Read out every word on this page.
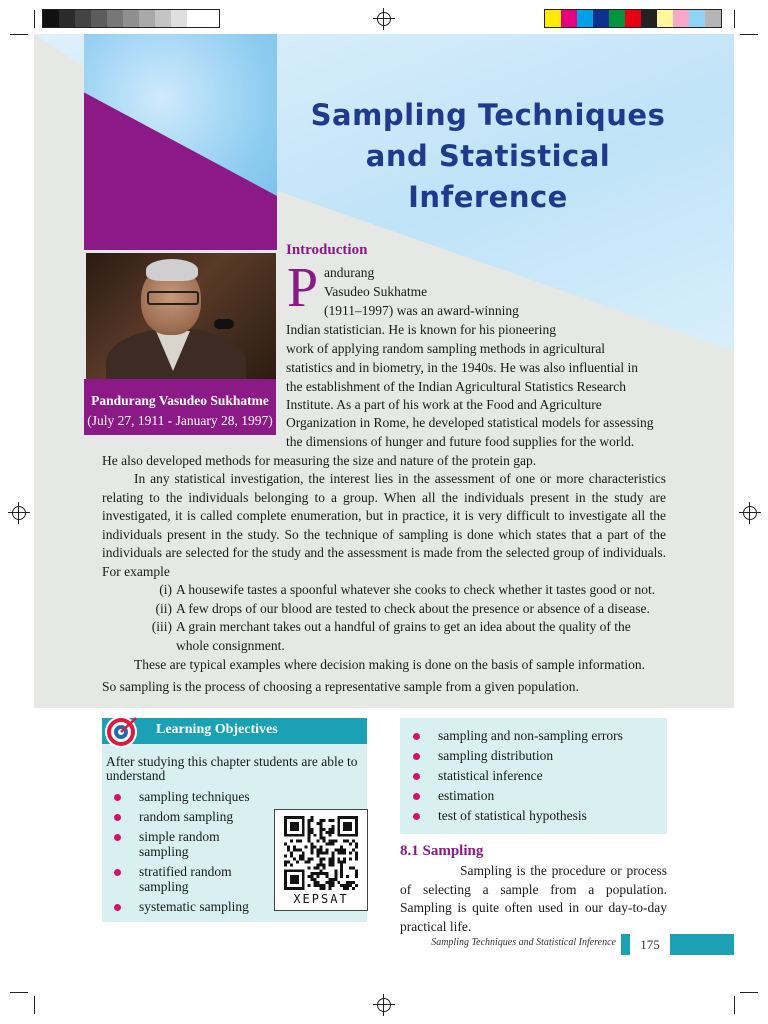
Sampling Techniques and Statistical Inference
Pandurang Vasudeo Sukhatme
(July 27, 1911 - January 28, 1997)
Introduction
P andurang
Vasudeo Sukhatme
(1911–1997) was an award-winning
Indian statistician. He is known for his pioneering
work of applying random sampling methods in agricultural
statistics and in biometry, in the 1940s. He was also influential in
the establishment of the Indian Agricultural Statistics Research
Institute. As a part of his work at the Food and Agriculture
Organization in Rome, he developed statistical models for assessing
the dimensions of hunger and future food supplies for the world.
He also developed methods for measuring the size and nature of the protein gap.
In any statistical investigation, the interest lies in the assessment of one or more characteristics relating to the individuals belonging to a group. When all the individuals present in the study are investigated, it is called complete enumeration, but in practice, it is very difficult to investigate all the individuals present in the study. So the technique of sampling is done which states that a part of the individuals are selected for the study and the assessment is made from the selected group of individuals. For example
(i) A housewife tastes a spoonful whatever she cooks to check whether it tastes good or not.
(ii) A few drops of our blood are tested to check about the presence or absence of a disease.
(iii) A grain merchant takes out a handful of grains to get an idea about the quality of the whole consignment.
These are typical examples where decision making is done on the basis of sample information.
So sampling is the process of choosing a representative sample from a given population.
Learning Objectives
After studying this chapter students are able to understand
sampling techniques
random sampling
simple random sampling
stratified random sampling
systematic sampling	XEPSAT
sampling and non-sampling errors
sampling distribution
statistical inference
estimation
test of statistical hypothesis
8.1 Sampling
Sampling is the procedure or process of selecting a sample from a population. Sampling is quite often used in our day-to-day practical life.
Sampling Techniques and Statistical Inference	175
